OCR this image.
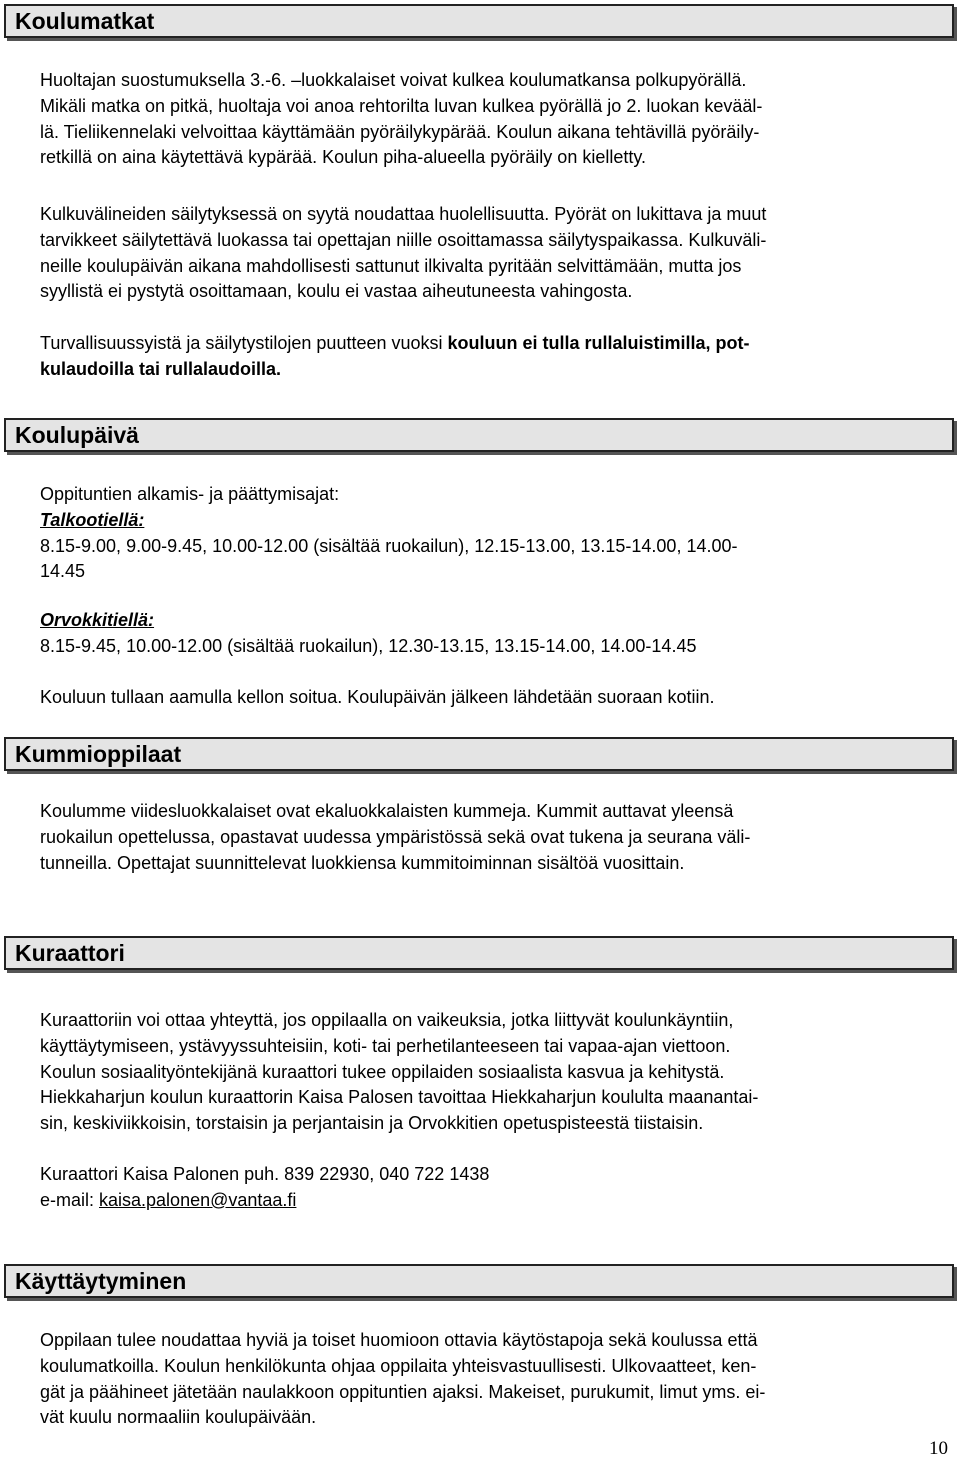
Koulumatkat
Huoltajan suostumuksella 3.-6. –luokkalaiset voivat kulkea koulumatkansa polkupyörällä.
Mikäli matka on pitkä, huoltaja voi anoa rehtorilta luvan kulkea pyörällä jo 2. luokan kevääl-
lä. Tieliikennelaki velvoittaa käyttämään pyöräilykypärää. Koulun aikana tehtävillä pyöräily-
retkillä on aina käytettävä kypärää. Koulun piha-alueella pyöräily on kielletty.
Kulkuvälineiden säilytyksessä on syytä noudattaa huolellisuutta. Pyörät on lukittava ja muut
tarvikkeet säilytettävä luokassa tai opettajan niille osoittamassa säilytyspaikassa. Kulkuväli-
neille koulupäivän aikana mahdollisesti sattunut ilkivalta pyritään selvittämään, mutta jos
syyllistä ei pystytä osoittamaan, koulu ei vastaa aiheutuneesta vahingosta.
Turvallisuussyistä ja säilytystilojen puutteen vuoksi kouluun ei tulla rullaluistimilla, pot-
kulaudoilla tai rullalaudoilla.
Koulupäivä
Oppituntien alkamis- ja päättymisajat:
Talkootiellä:
8.15-9.00, 9.00-9.45, 10.00-12.00 (sisältää ruokailun), 12.15-13.00, 13.15-14.00, 14.00-
14.45
Orvokkitiellä:
8.15-9.45, 10.00-12.00 (sisältää ruokailun), 12.30-13.15, 13.15-14.00, 14.00-14.45
Kouluun tullaan aamulla kellon soitua. Koulupäivän jälkeen lähdetään suoraan kotiin.
Kummioppilaat
Koulumme viidesluokkalaiset ovat ekaluokkalaisten kummeja. Kummit auttavat yleensä
ruokailun opettelussa, opastavat uudessa ympäristössä sekä ovat tukena ja seurana väli-
tunneilla. Opettajat suunnittelevat luokkiensa kummitoiminnan sisältöä vuosittain.
Kuraattori
Kuraattoriin voi ottaa yhteyttä, jos oppilaalla on vaikeuksia, jotka liittyvät koulunkäyntiin,
käyttäytymiseen, ystävyyssuhteisiin, koti- tai perhetilanteeseen tai vapaa-ajan viettoon.
Koulun sosiaalityöntekijänä kuraattori tukee oppilaiden sosiaalista kasvua ja kehitystä.
Hiekkaharjun koulun kuraattorin Kaisa Palosen tavoittaa Hiekkaharjun koululta maanantai-
sin, keskiviikkoisin, torstaisin ja perjantaisin ja Orvokkitien opetuspisteestä tiistaisin.
Kuraattori Kaisa Palonen puh. 839 22930, 040 722 1438
e-mail: kaisa.palonen@vantaa.fi
Käyttäytyminen
Oppilaan tulee noudattaa hyviä ja toiset huomioon ottavia käytöstapoja sekä koulussa että
koulumatkoilla. Koulun henkilökunta ohjaa oppilaita yhteisvastuullisesti. Ulkovaatteet, ken-
gät ja päähineet jätetään naulakkoon oppituntien ajaksi. Makeiset, purukumit, limut yms. ei-
vät kuulu normaaliin koulupäivään.
10
